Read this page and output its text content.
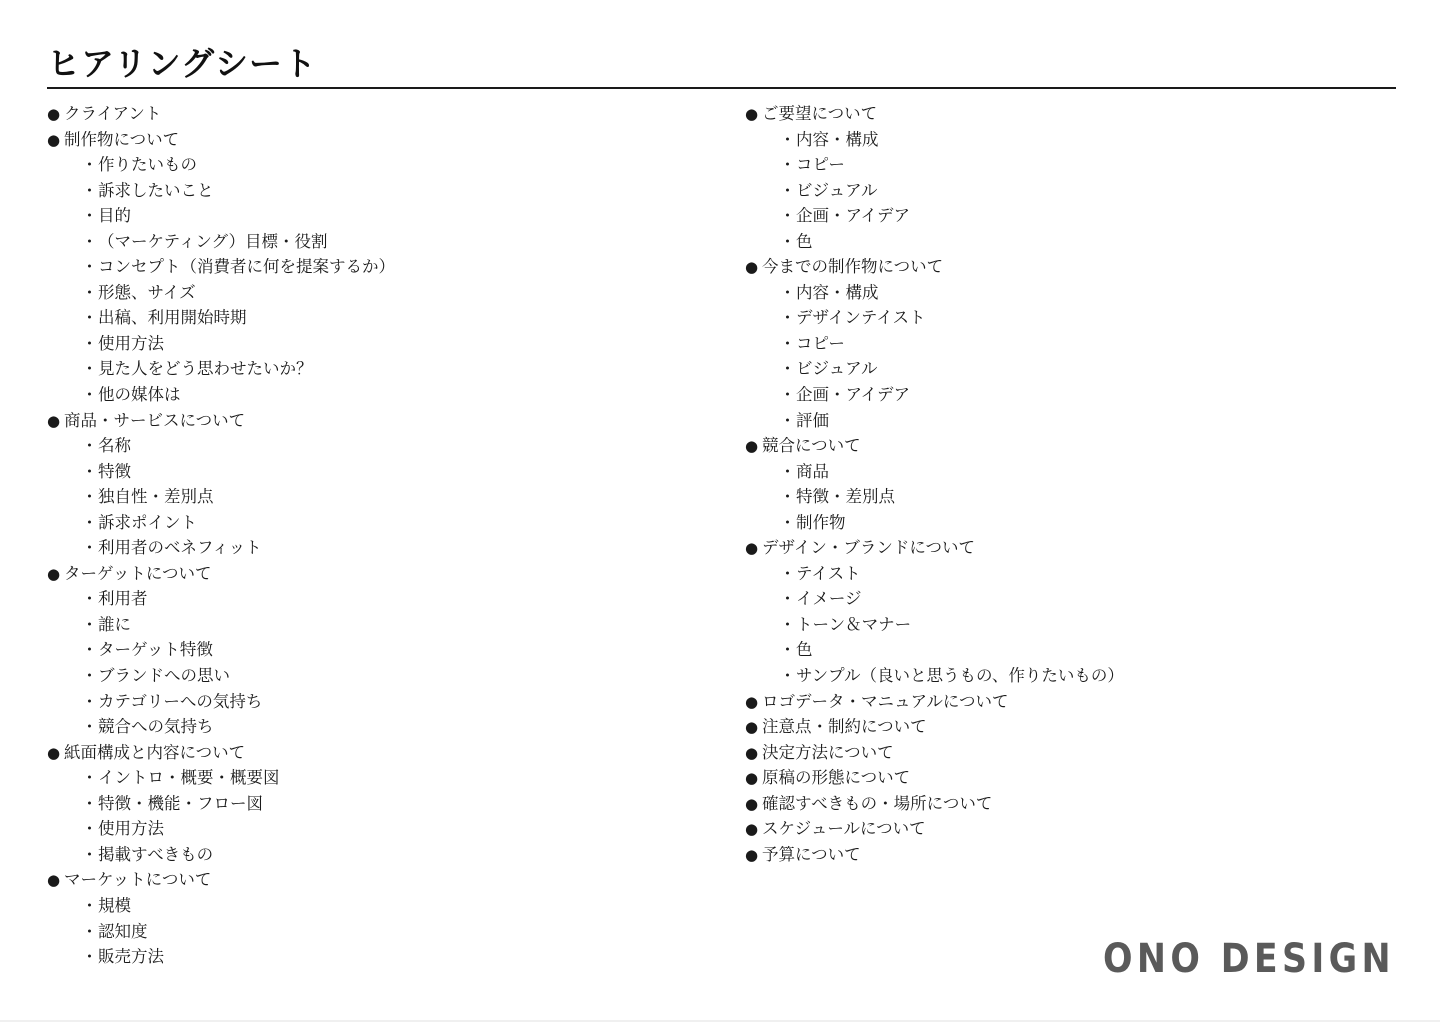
ヒアリングシート
● クライアント
● 制作物について
・作りたいもの
・訴求したいこと
・目的
・（マーケティング）目標・役割
・コンセプト（消費者に何を提案するか）
・形態、サイズ
・出稿、利用開始時期
・使用方法
・見た人をどう思わせたいか？
・他の媒体は
● 商品・サービスについて
・名称
・特徴
・独自性・差別点
・訴求ポイント
・利用者のベネフィット
● ターゲットについて
・利用者
・誰に
・ターゲット特徴
・ブランドへの思い
・カテゴリーへの気持ち
・競合への気持ち
● 紙面構成と内容について
・イントロ・概要・概要図
・特徴・機能・フロー図
・使用方法
・掲載すべきもの
● マーケットについて
・規模
・認知度
・販売方法
● ご要望について
・内容・構成
・コピー
・ビジュアル
・企画・アイデア
・色
● 今までの制作物について
・内容・構成
・デザインテイスト
・コピー
・ビジュアル
・企画・アイデア
・評価
● 競合について
・商品
・特徴・差別点
・制作物
● デザイン・ブランドについて
・テイスト
・イメージ
・トーン＆マナー
・色
・サンプル（良いと思うもの、作りたいもの）
● ロゴデータ・マニュアルについて
● 注意点・制約について
● 決定方法について
● 原稿の形態について
● 確認すべきもの・場所について
● スケジュールについて
● 予算について
ONO DESIGN
